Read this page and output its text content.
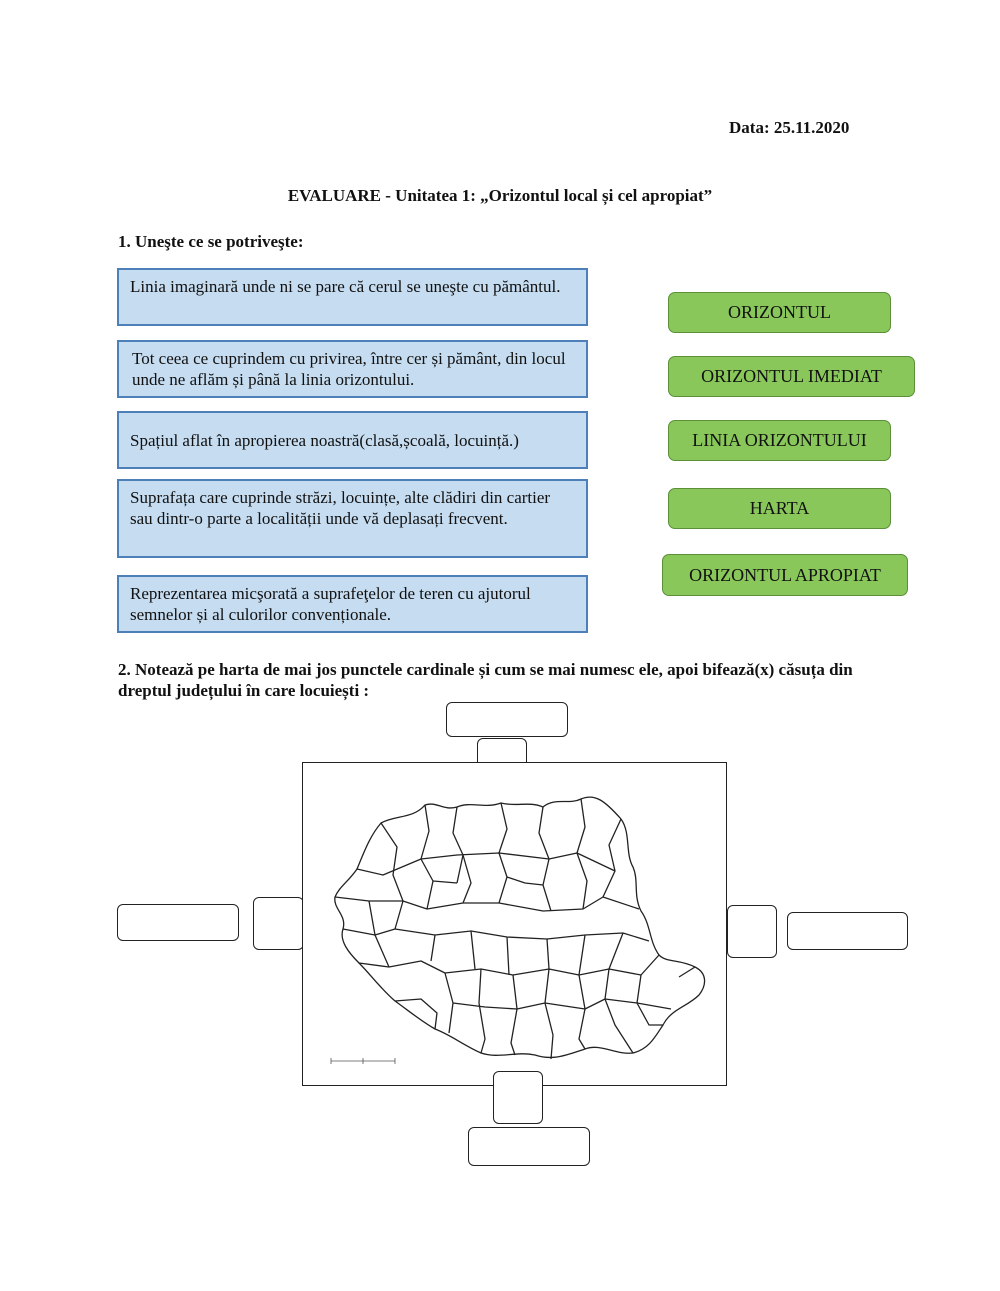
Data: 25.11.2020
EVALUARE - Unitatea 1: „Orizontul local și cel apropiat”
1. Uneşte ce se potriveşte:
Linia imaginară unde ni se pare că cerul se uneşte cu pământul.
Tot ceea ce cuprindem cu privirea, între cer și pământ, din locul unde ne aflăm și până la linia orizontului.
Spațiul aflat în apropierea noastră(clasă,școală, locuință.)
Suprafața care cuprinde străzi, locuințe, alte clădiri din cartier sau dintr-o parte a localității unde vă deplasați frecvent.
Reprezentarea micşorată a suprafeţelor de teren cu ajutorul semnelor și al culorilor convenționale.
ORIZONTUL
ORIZONTUL IMEDIAT
LINIA ORIZONTULUI
HARTA
ORIZONTUL APROPIAT
2. Notează pe harta de mai jos punctele cardinale și cum se mai numesc ele, apoi bifează(x) căsuța din dreptul județului în care locuiești :
